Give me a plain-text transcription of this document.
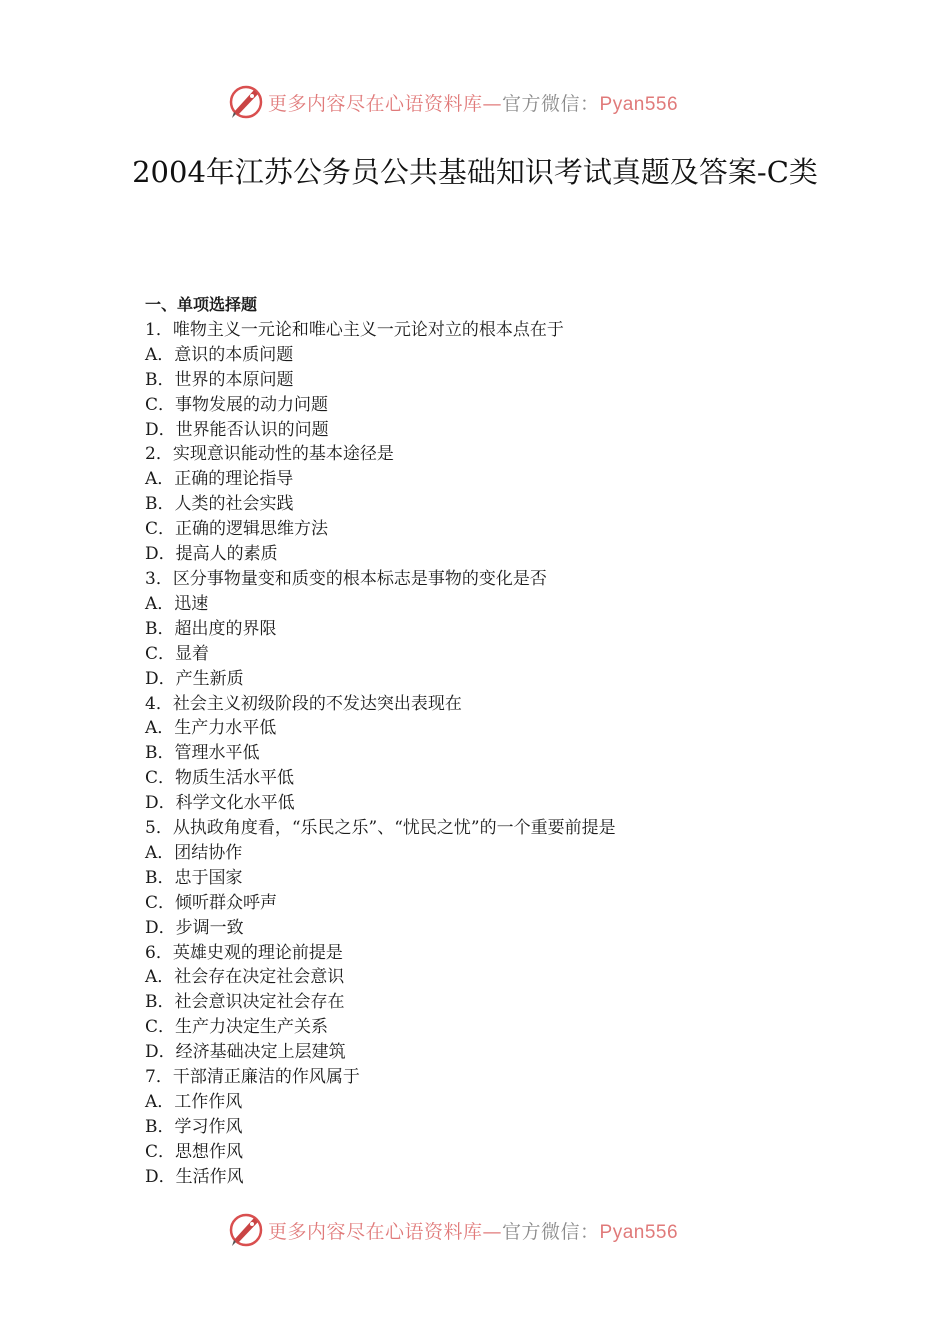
更多内容尽在心语资料库—官方微信：Pyan556
2004年江苏公务员公共基础知识考试真题及答案-C类
一、单项选择题
1．唯物主义一元论和唯心主义一元论对立的根本点在于
A．意识的本质问题
B．世界的本原问题
C．事物发展的动力问题
D．世界能否认识的问题
2．实现意识能动性的基本途径是
A．正确的理论指导
B．人类的社会实践
C．正确的逻辑思维方法
D．提高人的素质
3．区分事物量变和质变的根本标志是事物的变化是否
A．迅速
B．超出度的界限
C．显着
D．产生新质
4．社会主义初级阶段的不发达突出表现在
A．生产力水平低
B．管理水平低
C．物质生活水平低
D．科学文化水平低
5．从执政角度看，“乐民之乐”、“忧民之忧”的一个重要前提是
A．团结协作
B．忠于国家
C．倾听群众呼声
D．步调一致
6．英雄史观的理论前提是
A．社会存在决定社会意识
B．社会意识决定社会存在
C．生产力决定生产关系
D．经济基础决定上层建筑
7．干部清正廉洁的作风属于
A．工作作风
B．学习作风
C．思想作风
D．生活作风
更多内容尽在心语资料库—官方微信：Pyan556
